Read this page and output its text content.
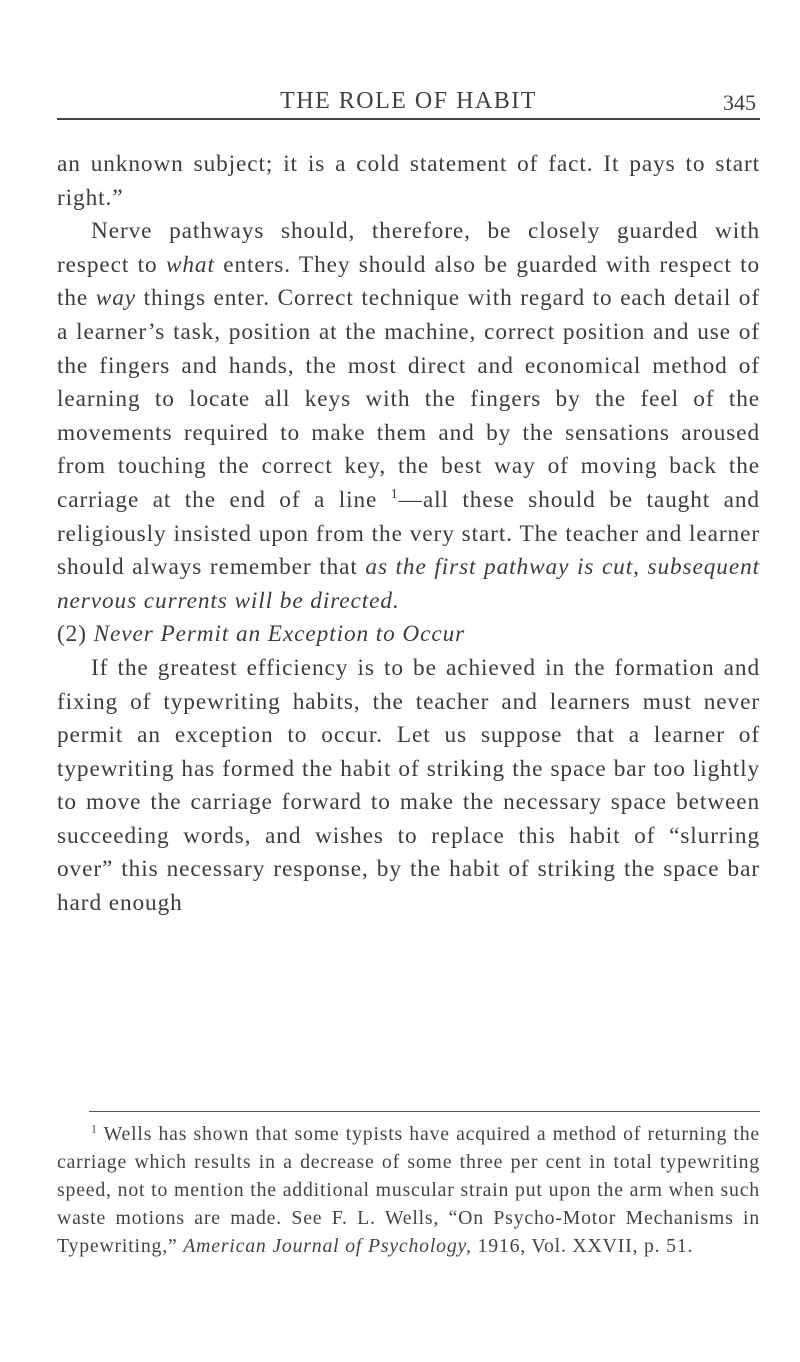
THE ROLE OF HABIT	345

an unknown subject; it is a cold statement of fact. It pays to start right.”

Nerve pathways should, therefore, be closely guarded with respect to what enters. They should also be guarded with respect to the way things enter. Correct technique with regard to each detail of a learner’s task, position at the machine, correct position and use of the fingers and hands, the most direct and economical method of learning to locate all keys with the fingers by the feel of the movements required to make them and by the sensations aroused from touching the correct key, the best way of moving back the carriage at the end of a line $^1$—all these should be taught and religiously insisted upon from the very start. The teacher and learner should always remember that as the first pathway is cut, subsequent nervous currents will be directed.

(2) Never Permit an Exception to Occur

If the greatest efficiency is to be achieved in the formation and fixing of typewriting habits, the teacher and learners must never permit an exception to occur. Let us suppose that a learner of typewriting has formed the habit of striking the space bar too lightly to move the carriage forward to make the necessary space between succeeding words, and wishes to replace this habit of “slurring over” this necessary response, by the habit of striking the space bar hard enough

$^1$ Wells has shown that some typists have acquired a method of returning the carriage which results in a decrease of some three per cent in total typewriting speed, not to mention the additional muscular strain put upon the arm when such waste motions are made. See F. L. Wells, “On Psycho-Motor Mechanisms in Typewriting,” American Journal of Psychology, 1916, Vol. XXVII, p. 51.
